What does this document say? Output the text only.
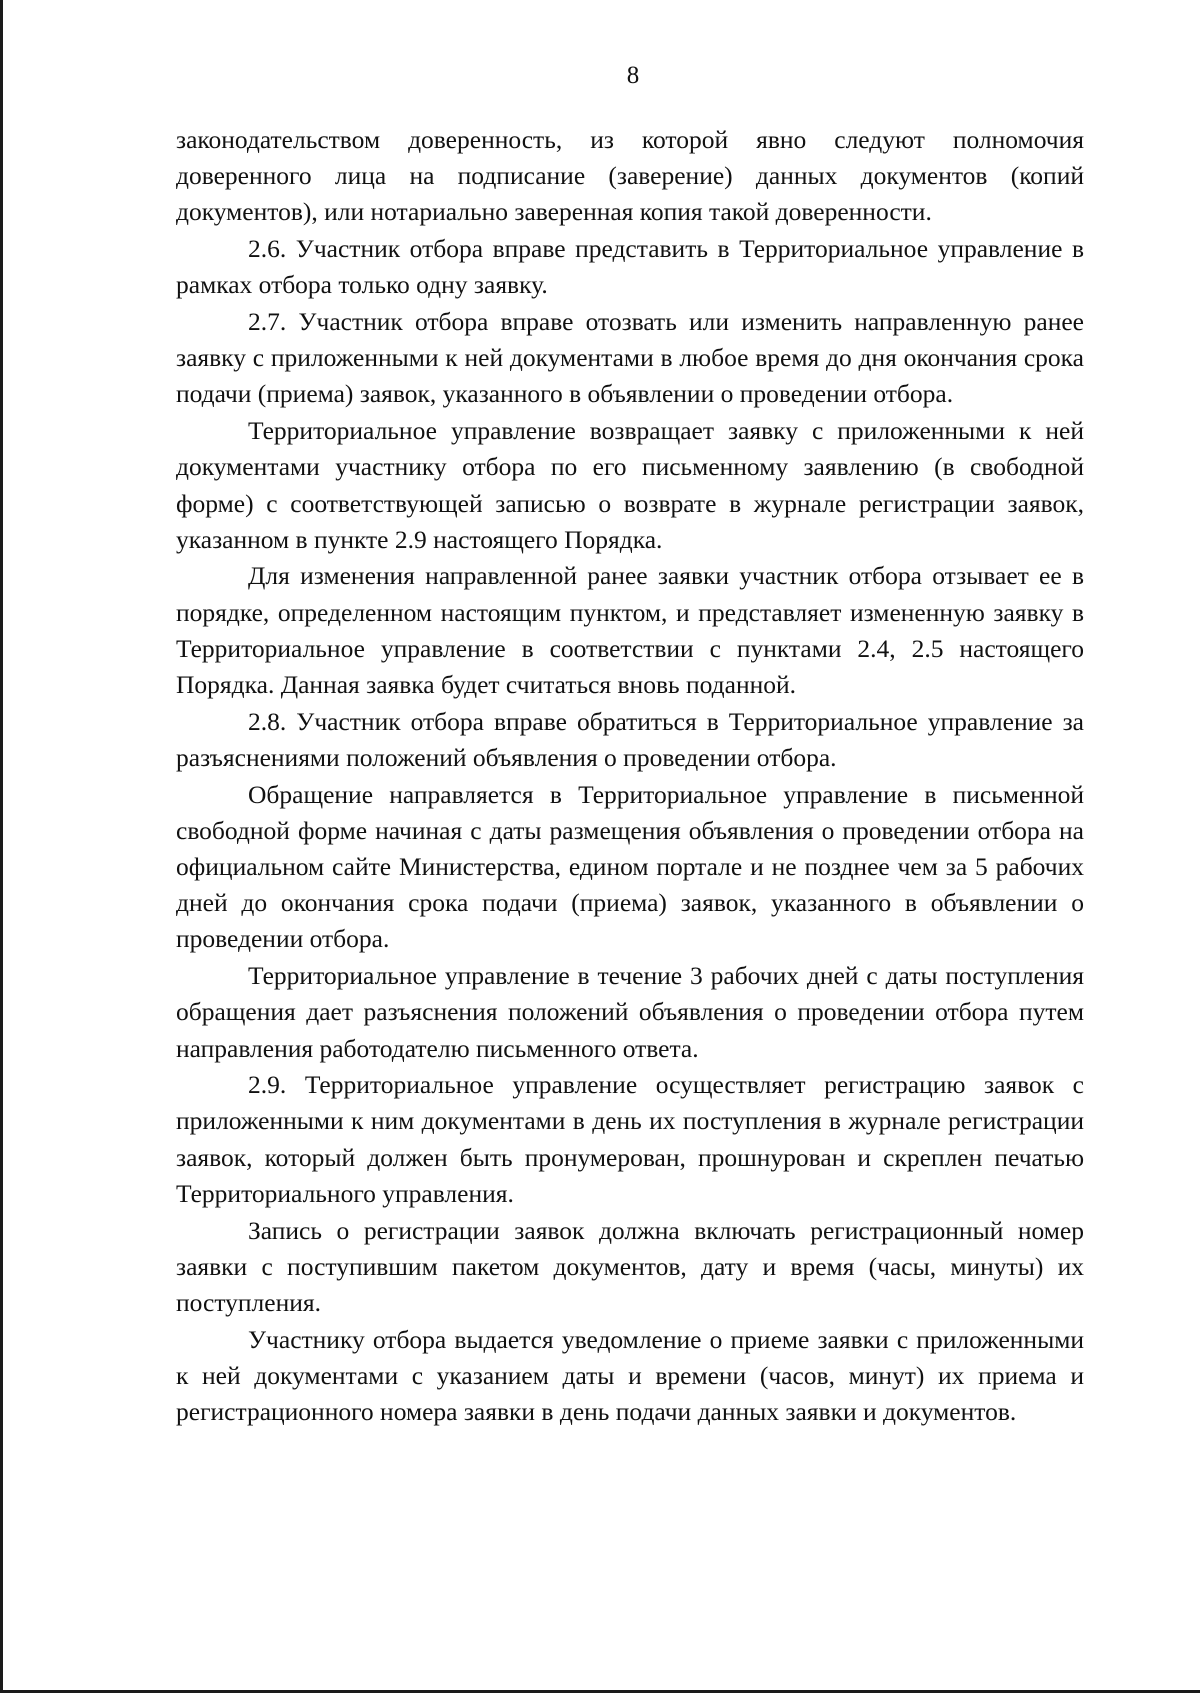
8

законодательством доверенность, из которой явно следуют полномочия доверенного лица на подписание (заверение) данных документов (копий документов), или нотариально заверенная копия такой доверенности.

2.6. Участник отбора вправе представить в Территориальное управление в рамках отбора только одну заявку.

2.7. Участник отбора вправе отозвать или изменить направленную ранее заявку с приложенными к ней документами в любое время до дня окончания срока подачи (приема) заявок, указанного в объявлении о проведении отбора.

Территориальное управление возвращает заявку с приложенными к ней документами участнику отбора по его письменному заявлению (в свободной форме) с соответствующей записью о возврате в журнале регистрации заявок, указанном в пункте 2.9 настоящего Порядка.

Для изменения направленной ранее заявки участник отбора отзывает ее в порядке, определенном настоящим пунктом, и представляет измененную заявку в Территориальное управление в соответствии с пунктами 2.4, 2.5 настоящего Порядка. Данная заявка будет считаться вновь поданной.

2.8. Участник отбора вправе обратиться в Территориальное управление за разъяснениями положений объявления о проведении отбора.

Обращение направляется в Территориальное управление в письменной свободной форме начиная с даты размещения объявления о проведении отбора на официальном сайте Министерства, едином портале и не позднее чем за 5 рабочих дней до окончания срока подачи (приема) заявок, указанного в объявлении о проведении отбора.

Территориальное управление в течение 3 рабочих дней с даты поступления обращения дает разъяснения положений объявления о проведении отбора путем направления работодателю письменного ответа.

2.9. Территориальное управление осуществляет регистрацию заявок с приложенными к ним документами в день их поступления в журнале регистрации заявок, который должен быть пронумерован, прошнурован и скреплен печатью Территориального управления.

Запись о регистрации заявок должна включать регистрационный номер заявки с поступившим пакетом документов, дату и время (часы, минуты) их поступления.

Участнику отбора выдается уведомление о приеме заявки с приложенными к ней документами с указанием даты и времени (часов, минут) их приема и регистрационного номера заявки в день подачи данных заявки и документов.
